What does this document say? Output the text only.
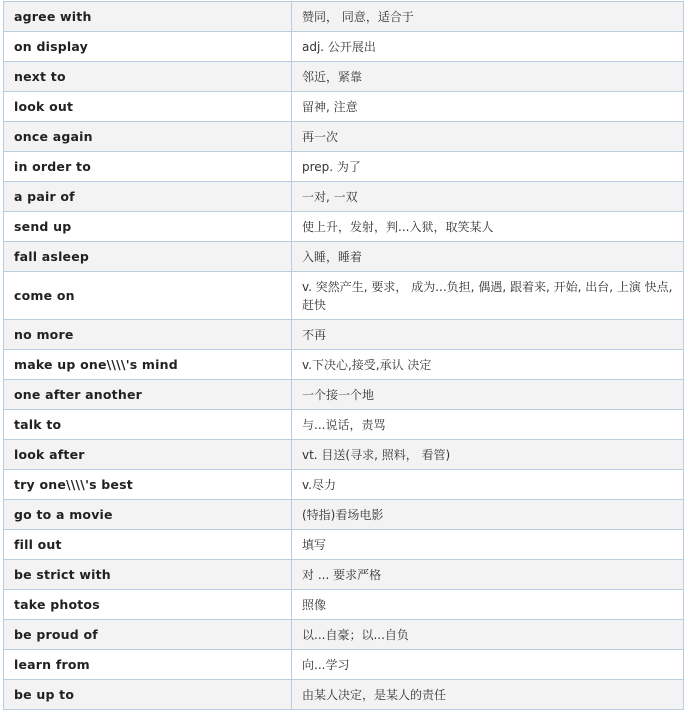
agree with	赞同， 同意，适合于
on display	adj. 公开展出
next to	邻近，紧靠
look out	留神, 注意
once again	再一次
in order to	prep. 为了
a pair of	一对, 一双
send up	使上升，发射，判...入狱，取笑某人
fall asleep	入睡，睡着
come on	v. 突然产生, 要求， 成为...负担, 偶遇, 跟着来, 开始, 出台, 上演 快点, 赶快
no more	不再
make up one\\\\'s mind	v.下决心,接受,承认 决定
one after another	一个接一个地
talk to	与...说话，责骂
look after	vt. 目送(寻求, 照料， 看管)
try one\\\\'s best	v.尽力
go to a movie	(特指)看场电影
fill out	填写
be strict with	对 ... 要求严格
take photos	照像
be proud of	以...自豪；以...自负
learn from	向...学习
be up to	由某人决定，是某人的责任
